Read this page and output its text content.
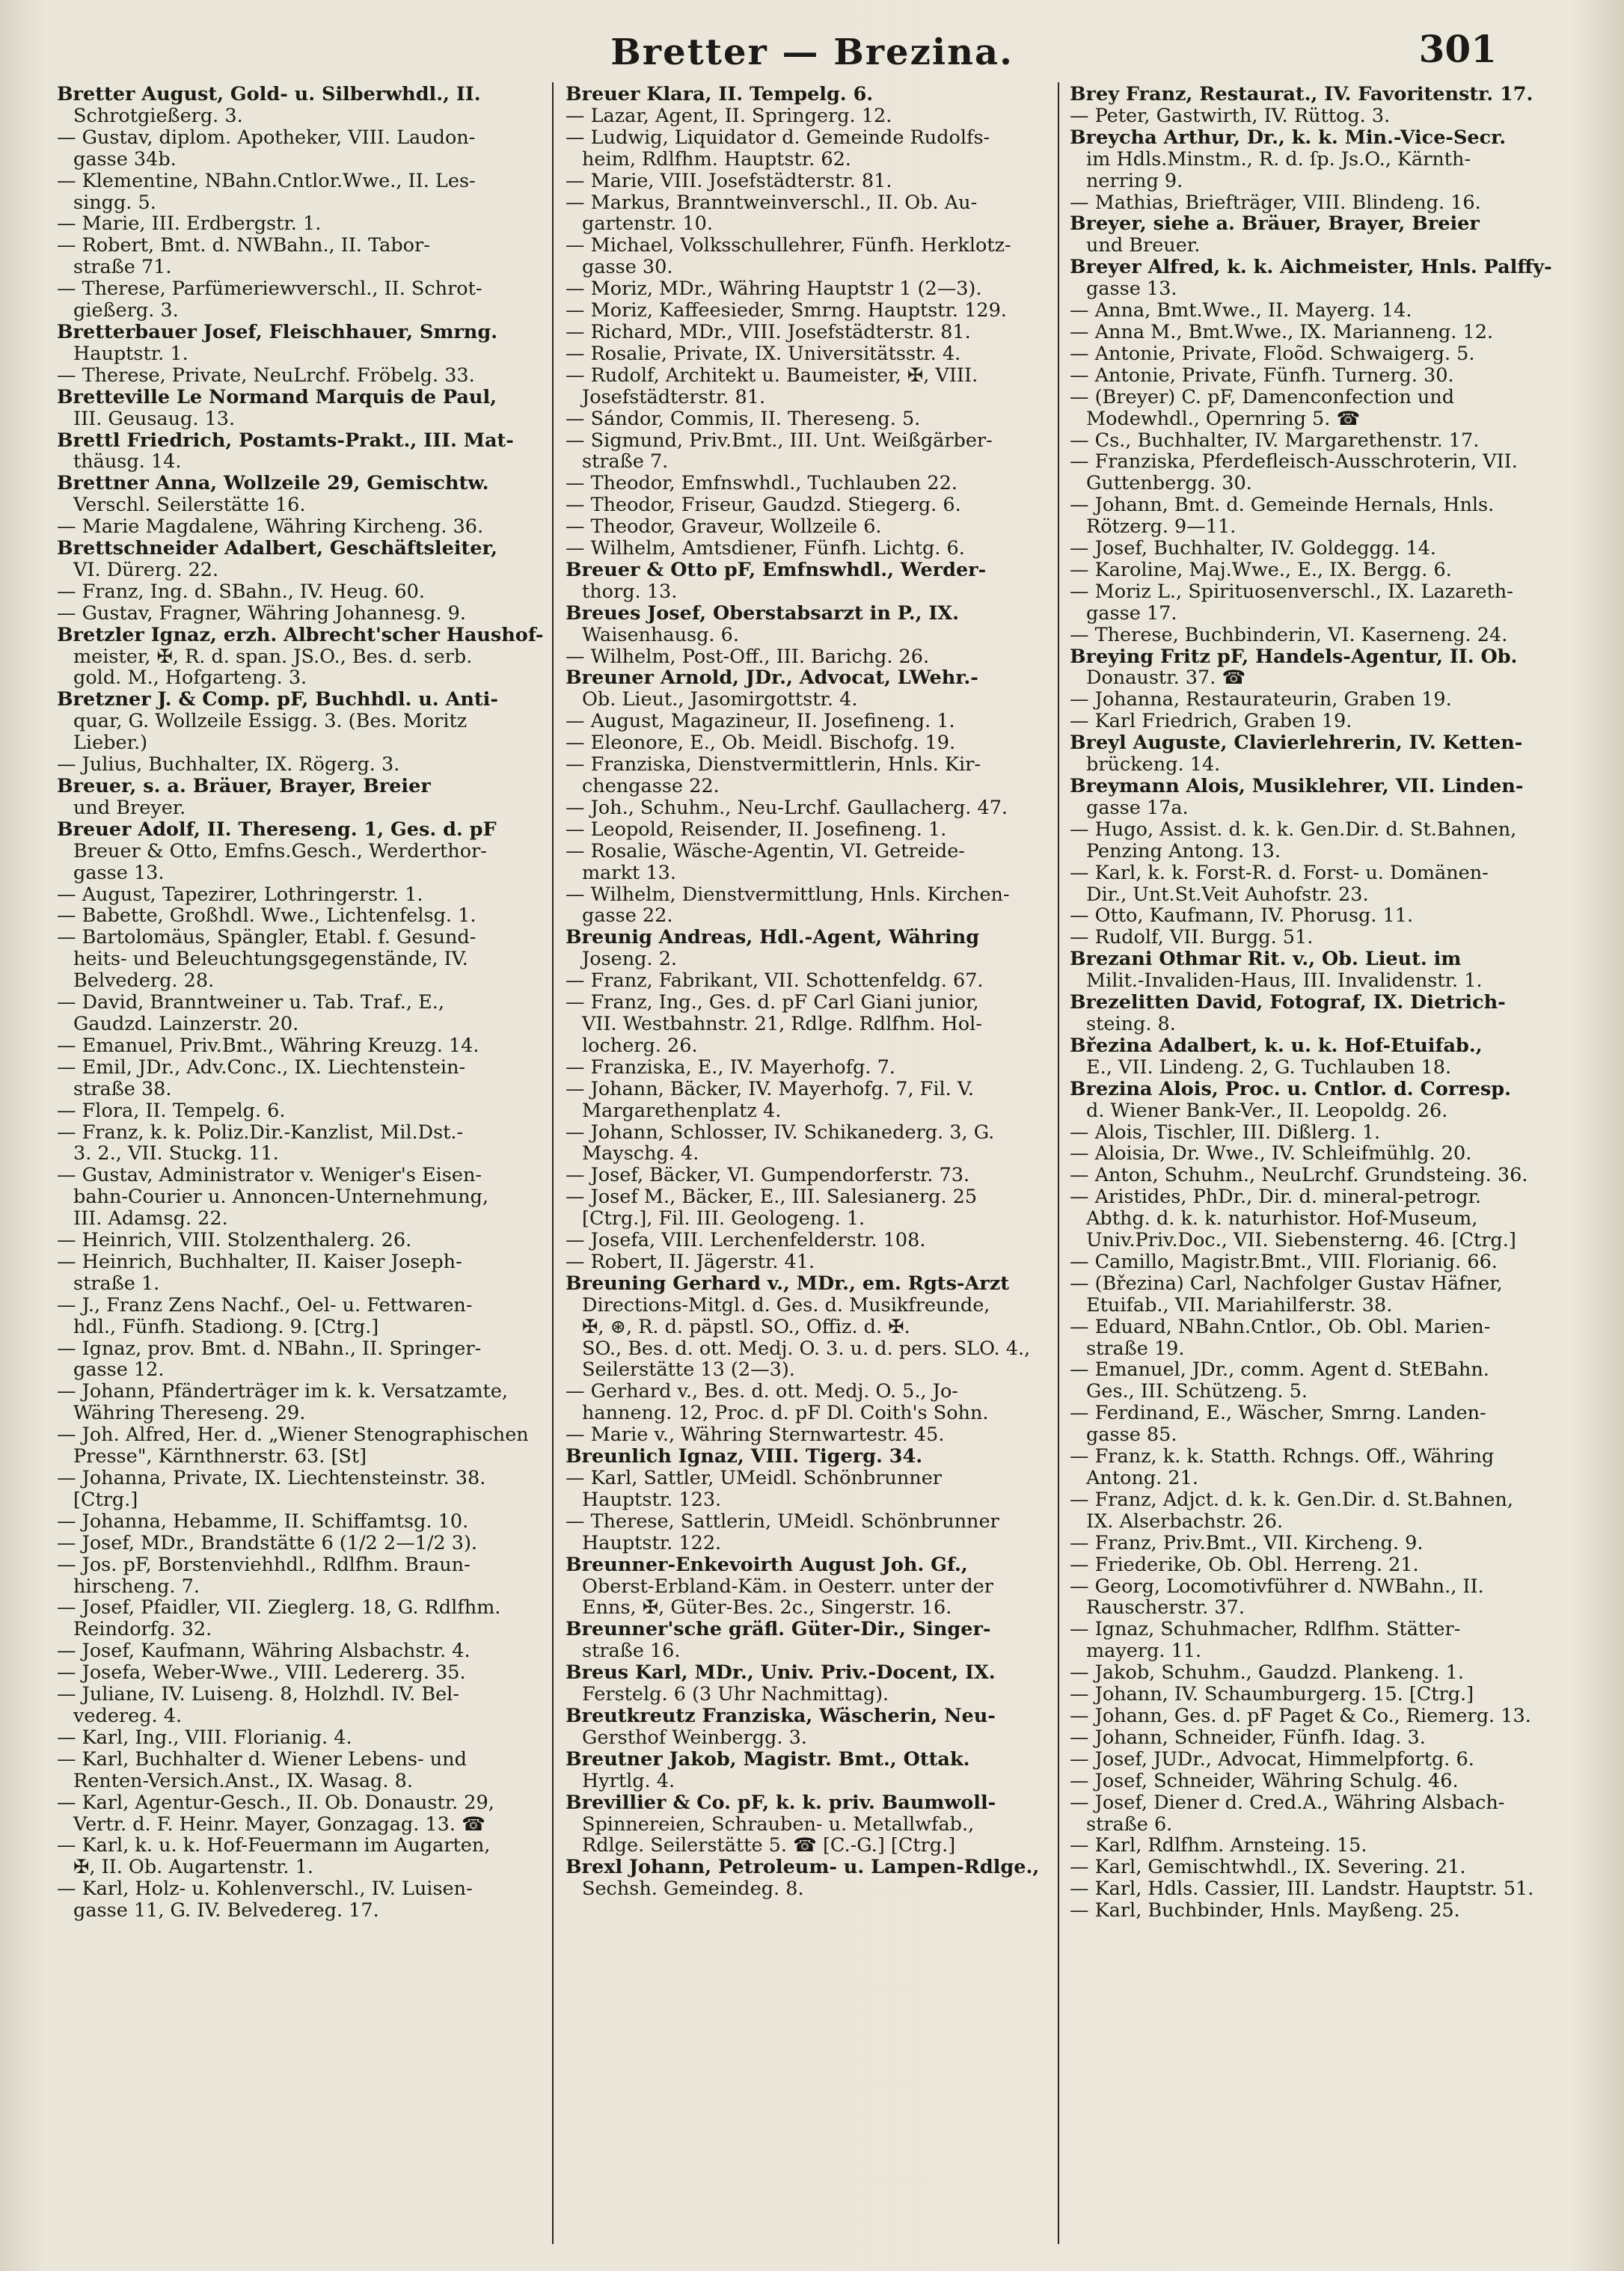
Bretter — Brezina.	301
Bretter August, Gold- u. Silberwhdl., II.
Schrotgießerg. 3.
— Gustav, diplom. Apotheker, VIII. Laudon-
gasse 34b.
— Klementine, NBahn.Cntlor.Wwe., II. Les-
singg. 5.
— Marie, III. Erdbergstr. 1.
— Robert, Bmt. d. NWBahn., II. Tabor-
straße 71.
— Therese, Parfümeriewverschl., II. Schrot-
gießerg. 3.
Bretterbauer Josef, Fleischhauer, Smrng.
Hauptstr. 1.
— Therese, Private, NeuLrchf. Fröbelg. 33.
Bretteville Le Normand Marquis de Paul,
III. Geusaug. 13.
Brettl Friedrich, Postamts-Prakt., III. Mat-
thäusg. 14.
Brettner Anna, Wollzeile 29, Gemischtw.
Verschl. Seilerstätte 16.
— Marie Magdalene, Währing Kircheng. 36.
Brettschneider Adalbert, Geschäftsleiter,
VI. Dürerg. 22.
— Franz, Ing. d. SBahn., IV. Heug. 60.
— Gustav, Fragner, Währing Johannesg. 9.
Bretzler Ignaz, erzh. Albrecht'scher Haushof-
meister, ✠, R. d. span. JS.O., Bes. d. serb.
gold. M., Hofgarteng. 3.
Bretzner J. & Comp. pF, Buchhdl. u. Anti-
quar, G. Wollzeile Essigg. 3. (Bes. Moritz
Lieber.)
— Julius, Buchhalter, IX. Rögerg. 3.
Breuer, s. a. Bräuer, Brayer, Breier
und Breyer.
Breuer Adolf, II. Thereseng. 1, Ges. d. pF
Breuer & Otto, Emfns.Gesch., Werderthor-
gasse 13.
— August, Tapezirer, Lothringerstr. 1.
— Babette, Großhdl. Wwe., Lichtenfelsg. 1.
— Bartolomäus, Spängler, Etabl. f. Gesund-
heits- und Beleuchtungsgegenstände, IV.
Belvederg. 28.
— David, Branntweiner u. Tab. Traf., E.,
Gaudzd. Lainzerstr. 20.
— Emanuel, Priv.Bmt., Währing Kreuzg. 14.
— Emil, JDr., Adv.Conc., IX. Liechtenstein-
straße 38.
— Flora, II. Tempelg. 6.
— Franz, k. k. Poliz.Dir.-Kanzlist, Mil.Dst.-
3. 2., VII. Stuckg. 11.
— Gustav, Administrator v. Weniger's Eisen-
bahn-Courier u. Annoncen-Unternehmung,
III. Adamsg. 22.
— Heinrich, VIII. Stolzenthalerg. 26.
— Heinrich, Buchhalter, II. Kaiser Joseph-
straße 1.
— J., Franz Zens Nachf., Oel- u. Fettwaren-
hdl., Fünfh. Stadiong. 9. [Ctrg.]
— Ignaz, prov. Bmt. d. NBahn., II. Springer-
gasse 12.
— Johann, Pfänderträger im k. k. Versatzamte,
Währing Thereseng. 29.
— Joh. Alfred, Her. d. „Wiener Stenographischen
Presse", Kärnthnerstr. 63. [St]
— Johanna, Private, IX. Liechtensteinstr. 38.
[Ctrg.]
— Johanna, Hebamme, II. Schiffamtsg. 10.
— Josef, MDr., Brandstätte 6 (1/2 2—1/2 3).
— Jos. pF, Borstenviehhdl., Rdlfhm. Braun-
hirscheng. 7.
— Josef, Pfaidler, VII. Zieglerg. 18, G. Rdlfhm.
Reindorfg. 32.
— Josef, Kaufmann, Währing Alsbachstr. 4.
— Josefa, Weber-Wwe., VIII. Ledererg. 35.
— Juliane, IV. Luiseng. 8, Holzhdl. IV. Bel-
vedereg. 4.
— Karl, Ing., VIII. Florianig. 4.
— Karl, Buchhalter d. Wiener Lebens- und
Renten-Versich.Anst., IX. Wasag. 8.
— Karl, Agentur-Gesch., II. Ob. Donaustr. 29,
Vertr. d. F. Heinr. Mayer, Gonzagag. 13. ☎
— Karl, k. u. k. Hof-Feuermann im Augarten,
✠, II. Ob. Augartenstr. 1.
— Karl, Holz- u. Kohlenverschl., IV. Luisen-
gasse 11, G. IV. Belvedereg. 17.
Breuer Klara, II. Tempelg. 6.
— Lazar, Agent, II. Springerg. 12.
— Ludwig, Liquidator d. Gemeinde Rudolfs-
heim, Rdlfhm. Hauptstr. 62.
— Marie, VIII. Josefstädterstr. 81.
— Markus, Branntweinverschl., II. Ob. Au-
gartenstr. 10.
— Michael, Volksschullehrer, Fünfh. Herklotz-
gasse 30.
— Moriz, MDr., Währing Hauptstr 1 (2—3).
— Moriz, Kaffeesieder, Smrng. Hauptstr. 129.
— Richard, MDr., VIII. Josefstädterstr. 81.
— Rosalie, Private, IX. Universitätsstr. 4.
— Rudolf, Architekt u. Baumeister, ✠, VIII.
Josefstädterstr. 81.
— Sándor, Commis, II. Thereseng. 5.
— Sigmund, Priv.Bmt., III. Unt. Weißgärber-
straße 7.
— Theodor, Emfnswhdl., Tuchlauben 22.
— Theodor, Friseur, Gaudzd. Stiegerg. 6.
— Theodor, Graveur, Wollzeile 6.
— Wilhelm, Amtsdiener, Fünfh. Lichtg. 6.
Breuer & Otto pF, Emfnswhdl., Werder-
thorg. 13.
Breues Josef, Oberstabsarzt in P., IX.
Waisenhausg. 6.
— Wilhelm, Post-Off., III. Barichg. 26.
Breuner Arnold, JDr., Advocat, LWehr.-
Ob. Lieut., Jasomirgottstr. 4.
— August, Magazineur, II. Josefineng. 1.
— Eleonore, E., Ob. Meidl. Bischofg. 19.
— Franziska, Dienstvermittlerin, Hnls. Kir-
chengasse 22.
— Joh., Schuhm., Neu-Lrchf. Gaullacherg. 47.
— Leopold, Reisender, II. Josefineng. 1.
— Rosalie, Wäsche-Agentin, VI. Getreide-
markt 13.
— Wilhelm, Dienstvermittlung, Hnls. Kirchen-
gasse 22.
Breunig Andreas, Hdl.-Agent, Währing
Joseng. 2.
— Franz, Fabrikant, VII. Schottenfeldg. 67.
— Franz, Ing., Ges. d. pF Carl Giani junior,
VII. Westbahnstr. 21, Rdlge. Rdlfhm. Hol-
locherg. 26.
— Franziska, E., IV. Mayerhofg. 7.
— Johann, Bäcker, IV. Mayerhofg. 7, Fil. V.
Margarethenplatz 4.
— Johann, Schlosser, IV. Schikanederg. 3, G.
Mayschg. 4.
— Josef, Bäcker, VI. Gumpendorferstr. 73.
— Josef M., Bäcker, E., III. Salesianerg. 25
[Ctrg.], Fil. III. Geologeng. 1.
— Josefa, VIII. Lerchenfelderstr. 108.
— Robert, II. Jägerstr. 41.
Breuning Gerhard v., MDr., em. Rgts-Arzt
Directions-Mitgl. d. Ges. d. Musikfreunde,
✠, ⊛, R. d. päpstl. SO., Offiz. d. ✠.
SO., Bes. d. ott. Medj. O. 3. u. d. pers. SLO. 4.,
Seilerstätte 13 (2—3).
— Gerhard v., Bes. d. ott. Medj. O. 5., Jo-
hanneng. 12, Proc. d. pF Dl. Coith's Sohn.
— Marie v., Währing Sternwartestr. 45.
Breunlich Ignaz, VIII. Tigerg. 34.
— Karl, Sattler, UMeidl. Schönbrunner
Hauptstr. 123.
— Therese, Sattlerin, UMeidl. Schönbrunner
Hauptstr. 122.
Breunner-Enkevoirth August Joh. Gf.,
Oberst-Erbland-Käm. in Oesterr. unter der
Enns, ✠, Güter-Bes. 2c., Singerstr. 16.
Breunner'sche gräfl. Güter-Dir., Singer-
straße 16.
Breus Karl, MDr., Univ. Priv.-Docent, IX.
Ferstelg. 6 (3 Uhr Nachmittag).
Breutkreutz Franziska, Wäscherin, Neu-
Gersthof Weinbergg. 3.
Breutner Jakob, Magistr. Bmt., Ottak.
Hyrtlg. 4.
Brevillier & Co. pF, k. k. priv. Baumwoll-
Spinnereien, Schrauben- u. Metallwfab.,
Rdlge. Seilerstätte 5. ☎ [C.-G.] [Ctrg.]
Brexl Johann, Petroleum- u. Lampen-Rdlge.,
Sechsh. Gemeindeg. 8.
Brey Franz, Restaurat., IV. Favoritenstr. 17.
— Peter, Gastwirth, IV. Rüttog. 3.
Breycha Arthur, Dr., k. k. Min.-Vice-Secr.
im Hdls.Minstm., R. d. ſp. Js.O., Kärnth-
nerring 9.
— Mathias, Briefträger, VIII. Blindeng. 16.
Breyer, siehe a. Bräuer, Brayer, Breier
und Breuer.
Breyer Alfred, k. k. Aichmeister, Hnls. Palffy-
gasse 13.
— Anna, Bmt.Wwe., II. Mayerg. 14.
— Anna M., Bmt.Wwe., IX. Marianneng. 12.
— Antonie, Private, Floõd. Schwaigerg. 5.
— Antonie, Private, Fünfh. Turnerg. 30.
— (Breyer) C. pF, Damenconfection und
Modewhdl., Opernring 5. ☎
— Cs., Buchhalter, IV. Margarethenstr. 17.
— Franziska, Pferdefleisch-Ausschroterin, VII.
Guttenbergg. 30.
— Johann, Bmt. d. Gemeinde Hernals, Hnls.
Rötzerg. 9—11.
— Josef, Buchhalter, IV. Goldeggg. 14.
— Karoline, Maj.Wwe., E., IX. Bergg. 6.
— Moriz L., Spirituosenverschl., IX. Lazareth-
gasse 17.
— Therese, Buchbinderin, VI. Kaserneng. 24.
Breying Fritz pF, Handels-Agentur, II. Ob.
Donaustr. 37. ☎
— Johanna, Restaurateurin, Graben 19.
— Karl Friedrich, Graben 19.
Breyl Auguste, Clavierlehrerin, IV. Ketten-
brückeng. 14.
Breymann Alois, Musiklehrer, VII. Linden-
gasse 17a.
— Hugo, Assist. d. k. k. Gen.Dir. d. St.Bahnen,
Penzing Antong. 13.
— Karl, k. k. Forst-R. d. Forst- u. Domänen-
Dir., Unt.St.Veit Auhofstr. 23.
— Otto, Kaufmann, IV. Phorusg. 11.
— Rudolf, VII. Burgg. 51.
Brezani Othmar Rit. v., Ob. Lieut. im
Milit.-Invaliden-Haus, III. Invalidenstr. 1.
Brezelitten David, Fotograf, IX. Dietrich-
steing. 8.
Březina Adalbert, k. u. k. Hof-Etuifab.,
E., VII. Lindeng. 2, G. Tuchlauben 18.
Brezina Alois, Proc. u. Cntlor. d. Corresp.
d. Wiener Bank-Ver., II. Leopoldg. 26.
— Alois, Tischler, III. Dißlerg. 1.
— Aloisia, Dr. Wwe., IV. Schleifmühlg. 20.
— Anton, Schuhm., NeuLrchf. Grundsteing. 36.
— Aristides, PhDr., Dir. d. mineral-petrogr.
Abthg. d. k. k. naturhistor. Hof-Museum,
Univ.Priv.Doc., VII. Siebensterng. 46. [Ctrg.]
— Camillo, Magistr.Bmt., VIII. Florianig. 66.
— (Březina) Carl, Nachfolger Gustav Häfner,
Etuifab., VII. Mariahilferstr. 38.
— Eduard, NBahn.Cntlor., Ob. Obl. Marien-
straße 19.
— Emanuel, JDr., comm. Agent d. StEBahn.
Ges., III. Schützeng. 5.
— Ferdinand, E., Wäscher, Smrng. Landen-
gasse 85.
— Franz, k. k. Statth. Rchngs. Off., Währing
Antong. 21.
— Franz, Adjct. d. k. k. Gen.Dir. d. St.Bahnen,
IX. Alserbachstr. 26.
— Franz, Priv.Bmt., VII. Kircheng. 9.
— Friederike, Ob. Obl. Herreng. 21.
— Georg, Locomotivführer d. NWBahn., II.
Rauscherstr. 37.
— Ignaz, Schuhmacher, Rdlfhm. Stätter-
mayerg. 11.
— Jakob, Schuhm., Gaudzd. Plankeng. 1.
— Johann, IV. Schaumburgerg. 15. [Ctrg.]
— Johann, Ges. d. pF Paget & Co., Riemerg. 13.
— Johann, Schneider, Fünfh. Idag. 3.
— Josef, JUDr., Advocat, Himmelpfortg. 6.
— Josef, Schneider, Währing Schulg. 46.
— Josef, Diener d. Cred.A., Währing Alsbach-
straße 6.
— Karl, Rdlfhm. Arnsteing. 15.
— Karl, Gemischtwhdl., IX. Severing. 21.
— Karl, Hdls. Cassier, III. Landstr. Hauptstr. 51.
— Karl, Buchbinder, Hnls. Mayßeng. 25.
